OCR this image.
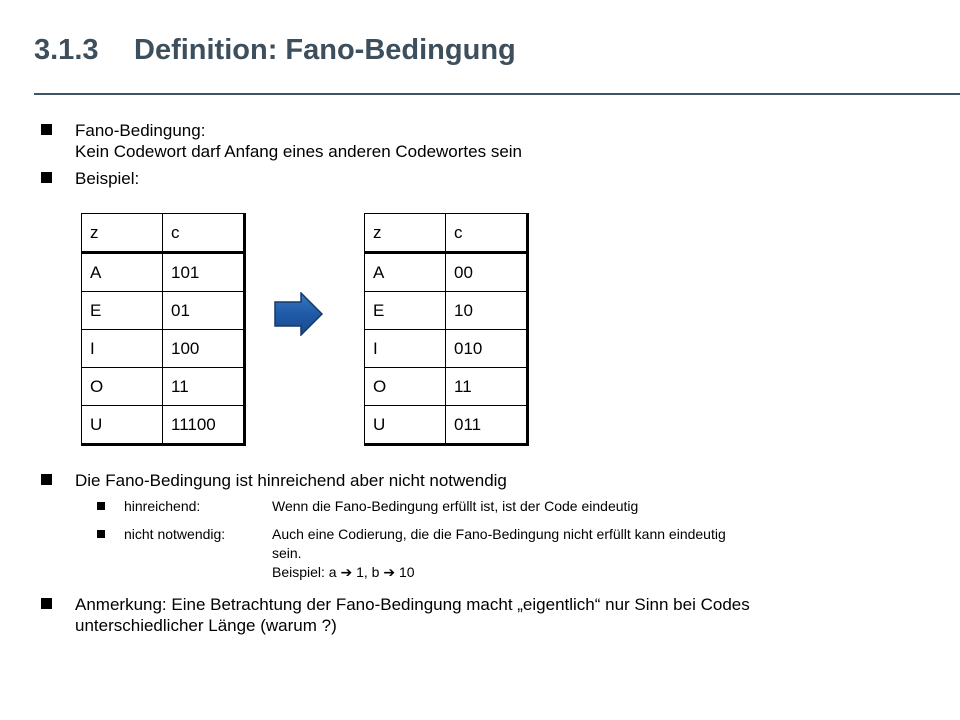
3.1.3 Definition: Fano-Bedingung
Fano-Bedingung:
Kein Codewort darf Anfang eines anderen Codewortes sein
Beispiel:
z	c
A	101
E	01
I	100
O	11
U	11100
z	c
A	00
E	10
I	010
O	11
U	011
Die Fano-Bedingung ist hinreichend aber nicht notwendig
hinreichend:	Wenn die Fano-Bedingung erfüllt ist, ist der Code eindeutig
nicht notwendig:	Auch eine Codierung, die die Fano-Bedingung nicht erfüllt kann eindeutig
sein.
Beispiel: a ➔ 1, b ➔ 10
Anmerkung: Eine Betrachtung der Fano-Bedingung macht „eigentlich“ nur Sinn bei Codes
unterschiedlicher Länge (warum ?)
